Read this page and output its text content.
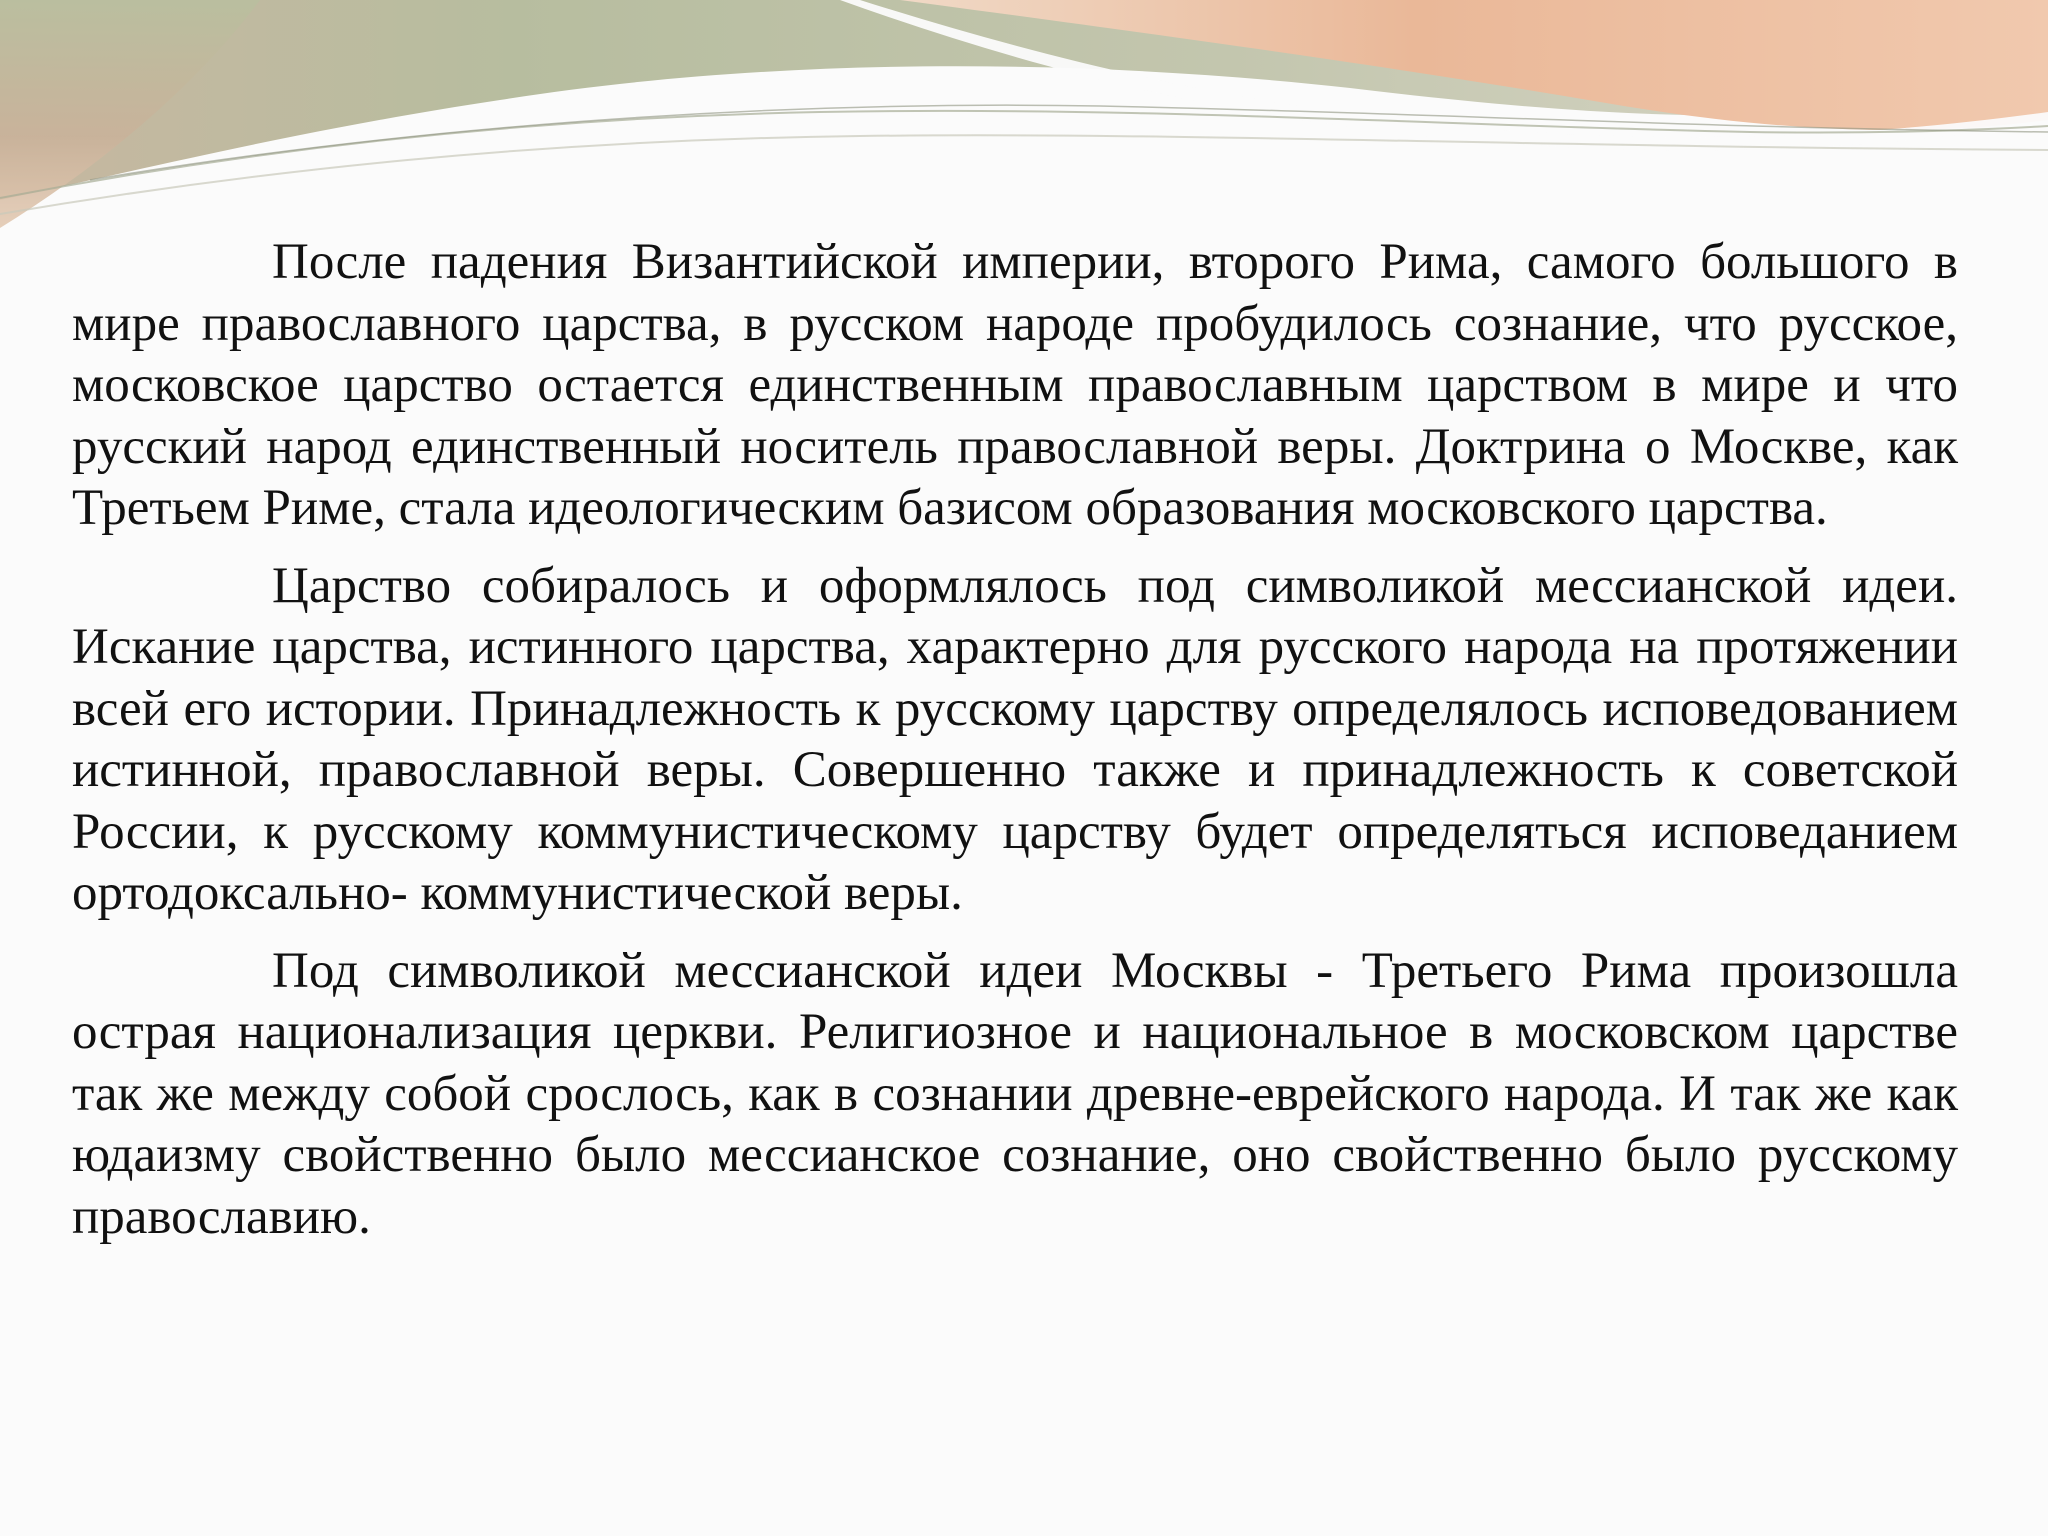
После падения Византийской империи, второго Рима, самого большого в мире православного царства, в русском народе пробудилось сознание, что русское, московское царство остается единственным православным царством в мире и что русский народ единственный носитель православной веры. Доктрина о Москве, как Третьем Риме, стала идеологическим базисом образования московского царства.

Царство собиралось и оформлялось под символикой мессианской идеи. Искание царства, истинного царства, характерно для русского народа на протяжении всей его истории. Принадлежность к русскому царству определялось исповедованием истинной, православной веры. Совершенно также и принадлежность к советской России, к русскому коммунистическому царству будет определяться исповеданием ортодоксально- коммунистической веры.

Под символикой мессианской идеи Москвы - Третьего Рима произошла острая национализация церкви. Религиозное и национальное в московском царстве так же между собой срослось, как в сознании древне-еврейского народа. И так же как юдаизму свойственно было мессианское сознание, оно свойственно было русскому православию.
